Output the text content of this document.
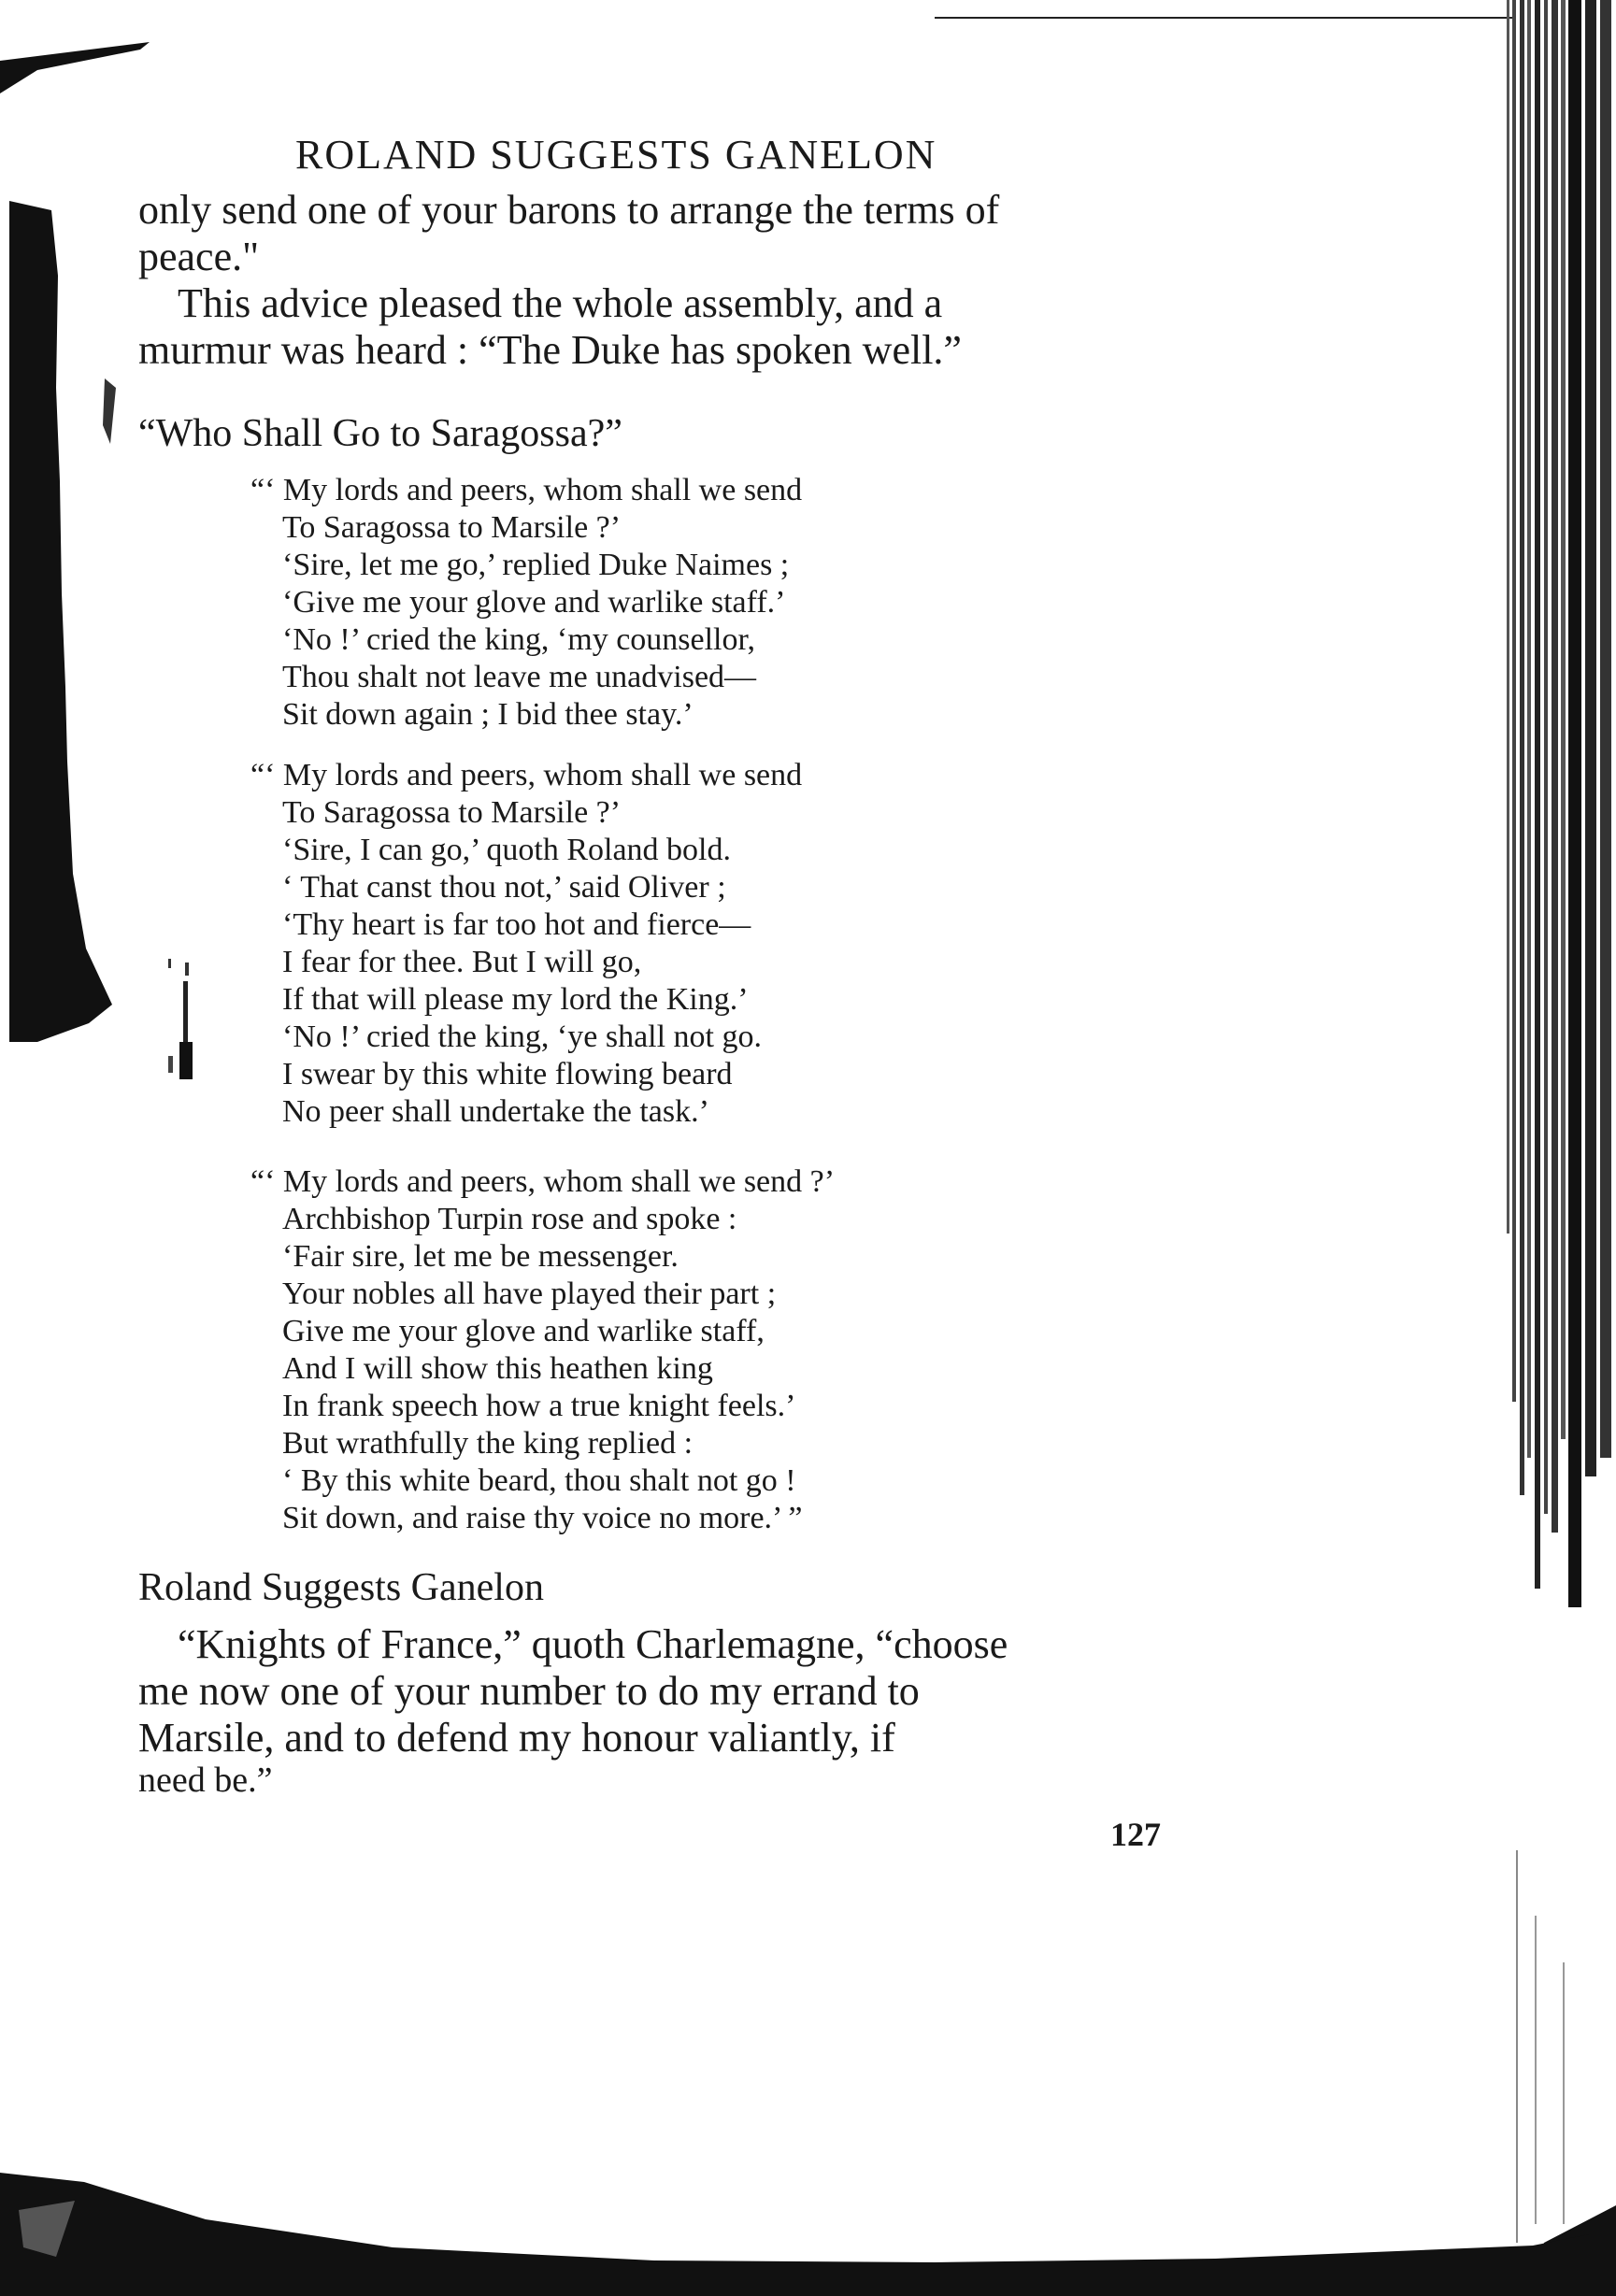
ROLAND SUGGESTS GANELON

only send one of your barons to arrange the terms of
peace."

This advice pleased the whole assembly, and a
murmur was heard : “The Duke has spoken well.”

“Who Shall Go to Saragossa?”

“‘ My lords and peers, whom shall we send
To Saragossa to Marsile ?’
‘Sire, let me go,’ replied Duke Naimes ;
‘Give me your glove and warlike staff.’
‘No !’ cried the king, ‘my counsellor,
Thou shalt not leave me unadvised—
Sit down again ; I bid thee stay.’

“‘ My lords and peers, whom shall we send
To Saragossa to Marsile ?’
‘Sire, I can go,’ quoth Roland bold.
‘ That canst thou not,’ said Oliver ;
‘Thy heart is far too hot and fierce—
I fear for thee. But I will go,
If that will please my lord the King.’
‘No !’ cried the king, ‘ye shall not go.
I swear by this white flowing beard
No peer shall undertake the task.’

“‘ My lords and peers, whom shall we send ?’
Archbishop Turpin rose and spoke :
‘Fair sire, let me be messenger.
Your nobles all have played their part ;
Give me your glove and warlike staff,
And I will show this heathen king
In frank speech how a true knight feels.’
But wrathfully the king replied :
‘ By this white beard, thou shalt not go !
Sit down, and raise thy voice no more.’ ”

Roland Suggests Ganelon

“Knights of France,” quoth Charlemagne, “choose
me now one of your number to do my errand to
Marsile, and to defend my honour valiantly, if
need be.”

127
